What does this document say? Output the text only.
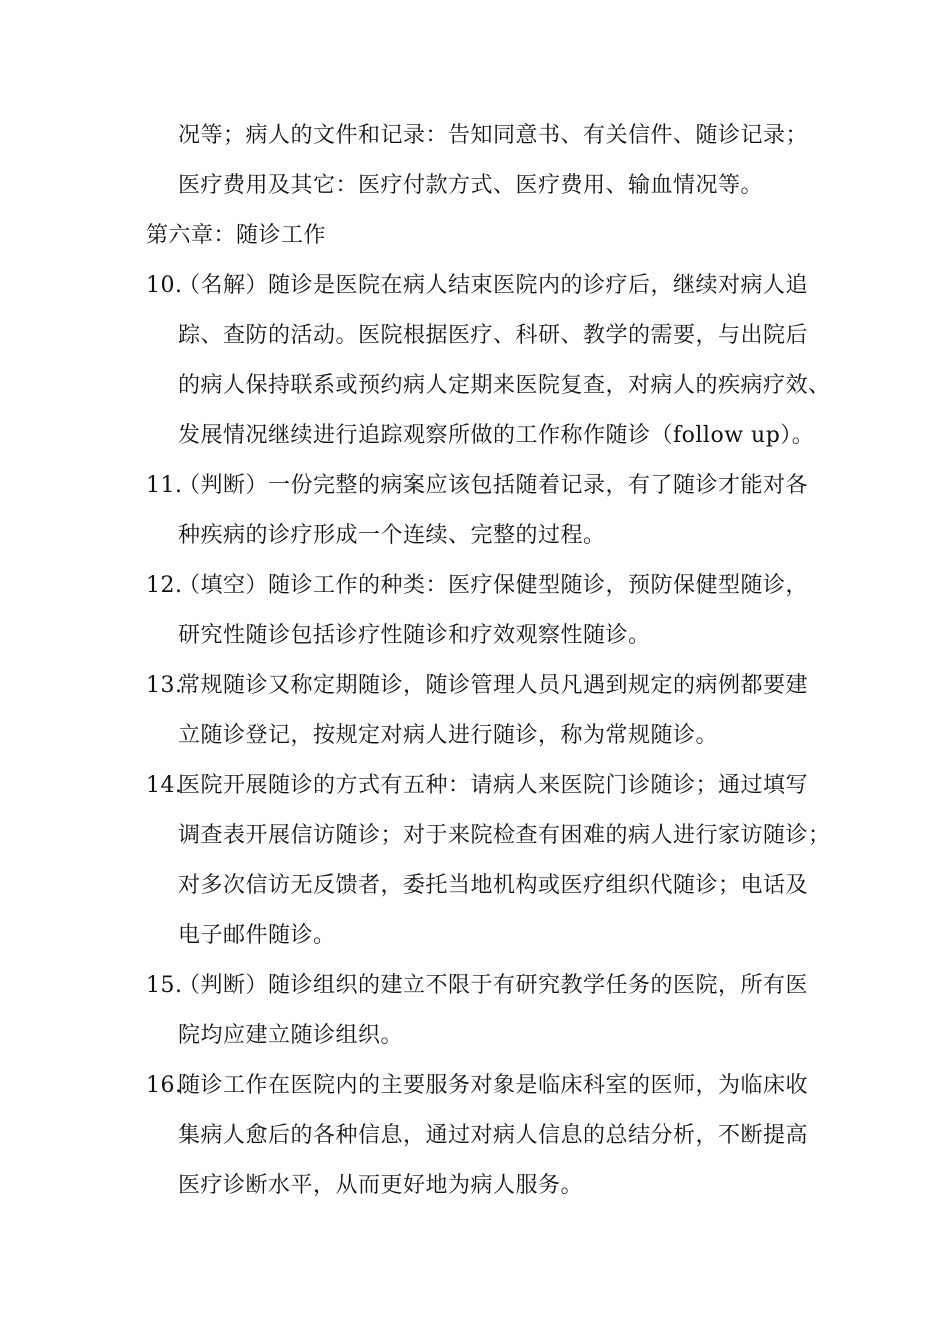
况等；病人的文件和记录：告知同意书、有关信件、随诊记录；
医疗费用及其它：医疗付款方式、医疗费用、输血情况等。
第六章：随诊工作
10.（名解）随诊是医院在病人结束医院内的诊疗后，继续对病人追
踪、查防的活动。医院根据医疗、科研、教学的需要，与出院后
的病人保持联系或预约病人定期来医院复查，对病人的疾病疗效、
发展情况继续进行追踪观察所做的工作称作随诊（follow up）。
11.（判断）一份完整的病案应该包括随着记录，有了随诊才能对各
种疾病的诊疗形成一个连续、完整的过程。
12.（填空）随诊工作的种类：医疗保健型随诊，预防保健型随诊，
研究性随诊包括诊疗性随诊和疗效观察性随诊。
13.常规随诊又称定期随诊，随诊管理人员凡遇到规定的病例都要建
立随诊登记，按规定对病人进行随诊，称为常规随诊。
14.医院开展随诊的方式有五种：请病人来医院门诊随诊；通过填写
调查表开展信访随诊；对于来院检查有困难的病人进行家访随诊；
对多次信访无反馈者，委托当地机构或医疗组织代随诊；电话及
电子邮件随诊。
15.（判断）随诊组织的建立不限于有研究教学任务的医院，所有医
院均应建立随诊组织。
16.随诊工作在医院内的主要服务对象是临床科室的医师，为临床收
集病人愈后的各种信息，通过对病人信息的总结分析，不断提高
医疗诊断水平，从而更好地为病人服务。
